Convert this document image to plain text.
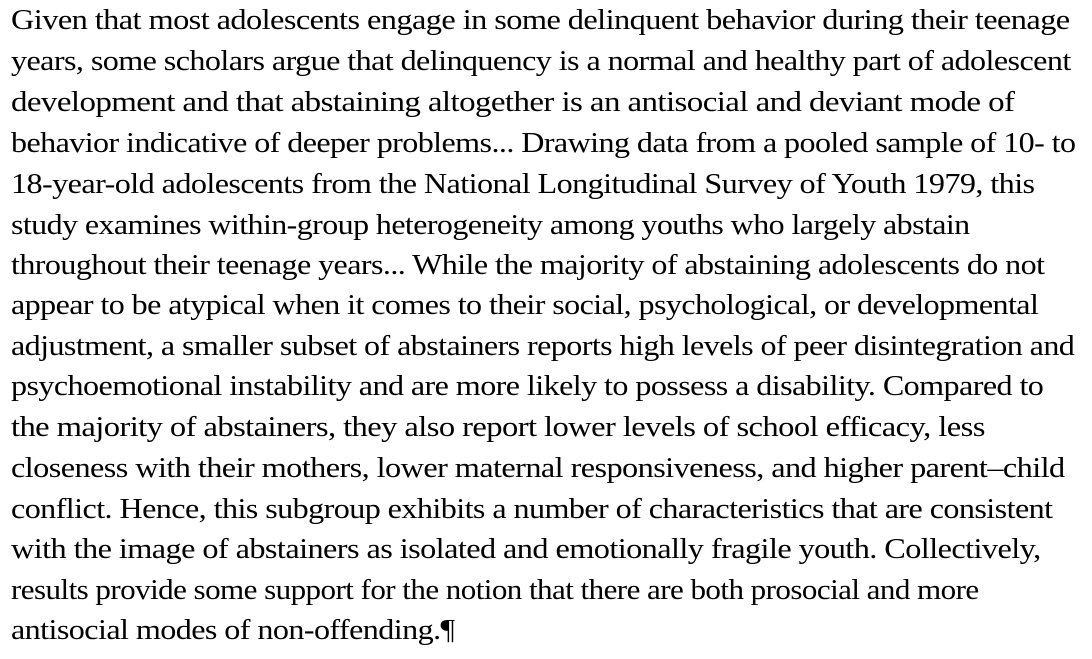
Given that most adolescents engage in some delinquent behavior during their teenage

years, some scholars argue that delinquency is a normal and healthy part of adolescent

development and that abstaining altogether is an antisocial and deviant mode of

behavior indicative of deeper problems... Drawing data from a pooled sample of 10- to

18-year-old adolescents from the National Longitudinal Survey of Youth 1979, this

study examines within-group heterogeneity among youths who largely abstain

throughout their teenage years... While the majority of abstaining adolescents do not

appear to be atypical when it comes to their social, psychological, or developmental

adjustment, a smaller subset of abstainers reports high levels of peer disintegration and

psychoemotional instability and are more likely to possess a disability. Compared to

the majority of abstainers, they also report lower levels of school efficacy, less

closeness with their mothers, lower maternal responsiveness, and higher parent–child

conflict. Hence, this subgroup exhibits a number of characteristics that are consistent

with the image of abstainers as isolated and emotionally fragile youth. Collectively,

results provide some support for the notion that there are both prosocial and more

antisocial modes of non-offending.¶
